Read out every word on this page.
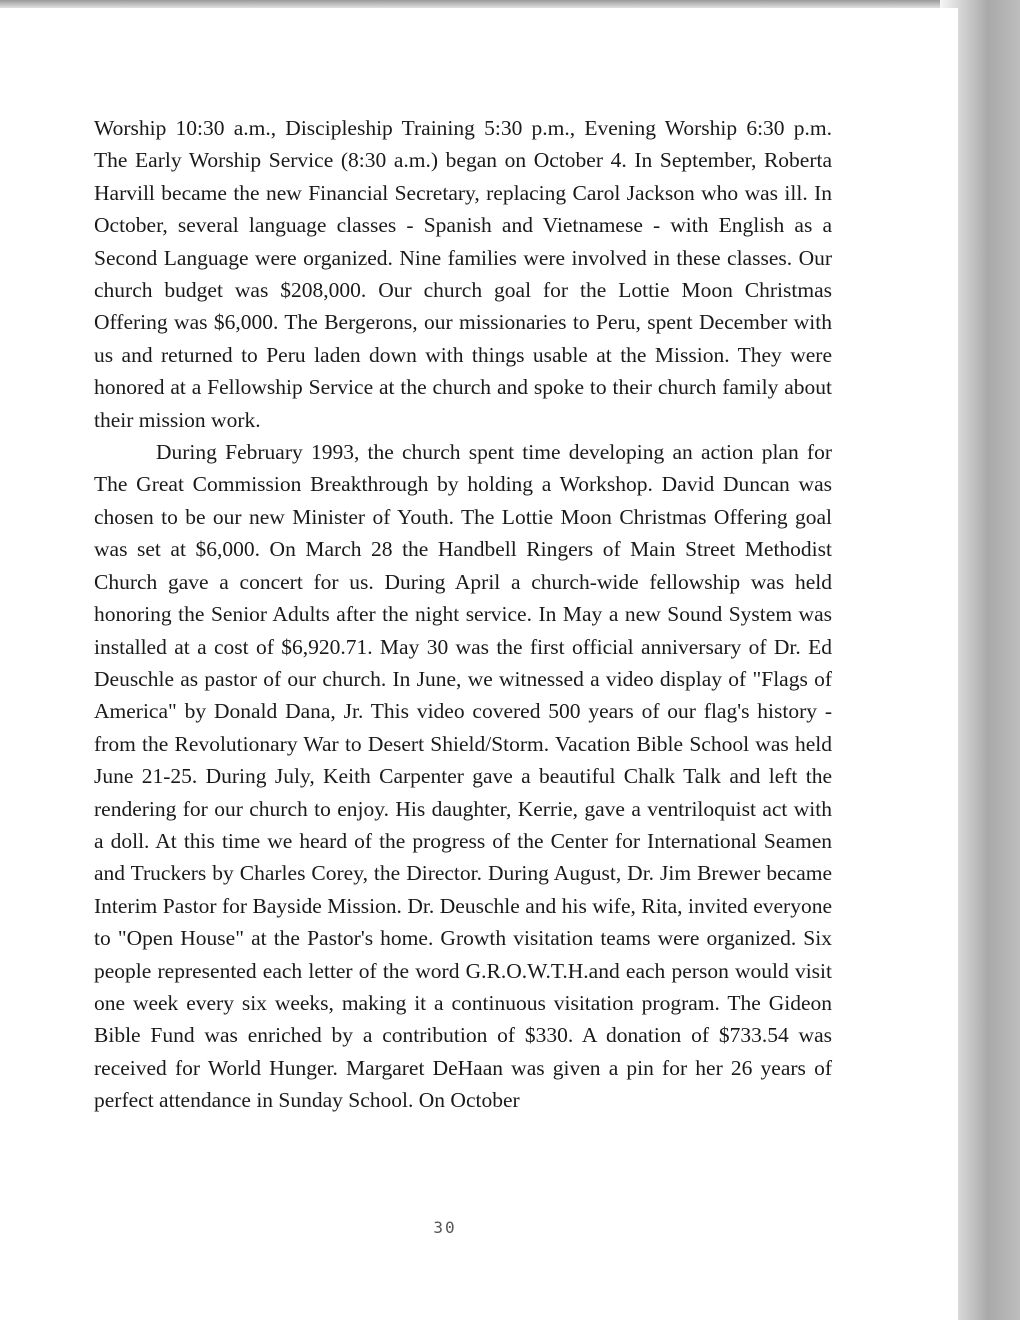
Worship 10:30 a.m., Discipleship Training 5:30 p.m., Evening Worship 6:30 p.m. The Early Worship Service (8:30 a.m.) began on October 4. In September, Roberta Harvill became the new Financial Secretary, replacing Carol Jackson who was ill. In October, several language classes - Spanish and Vietnamese - with English as a Second Language were organized. Nine families were involved in these classes. Our church budget was $208,000. Our church goal for the Lottie Moon Christmas Offering was $6,000. The Bergerons, our missionaries to Peru, spent December with us and returned to Peru laden down with things usable at the Mission. They were honored at a Fellowship Service at the church and spoke to their church family about their mission work.

During February 1993, the church spent time developing an action plan for The Great Commission Breakthrough by holding a Workshop. David Duncan was chosen to be our new Minister of Youth. The Lottie Moon Christmas Offering goal was set at $6,000. On March 28 the Handbell Ringers of Main Street Methodist Church gave a concert for us. During April a church-wide fellowship was held honoring the Senior Adults after the night service. In May a new Sound System was installed at a cost of $6,920.71. May 30 was the first official anniversary of Dr. Ed Deuschle as pastor of our church. In June, we witnessed a video display of "Flags of America" by Donald Dana, Jr. This video covered 500 years of our flag's history - from the Revolutionary War to Desert Shield/Storm. Vacation Bible School was held June 21-25. During July, Keith Carpenter gave a beautiful Chalk Talk and left the rendering for our church to enjoy. His daughter, Kerrie, gave a ventriloquist act with a doll. At this time we heard of the progress of the Center for International Seamen and Truckers by Charles Corey, the Director. During August, Dr. Jim Brewer became Interim Pastor for Bayside Mission. Dr. Deuschle and his wife, Rita, invited everyone to "Open House" at the Pastor's home. Growth visitation teams were organized. Six people represented each letter of the word G.R.O.W.T.H.and each person would visit one week every six weeks, making it a continuous visitation program. The Gideon Bible Fund was enriched by a contribution of $330. A donation of $733.54 was received for World Hunger. Margaret DeHaan was given a pin for her 26 years of perfect attendance in Sunday School. On October

30
